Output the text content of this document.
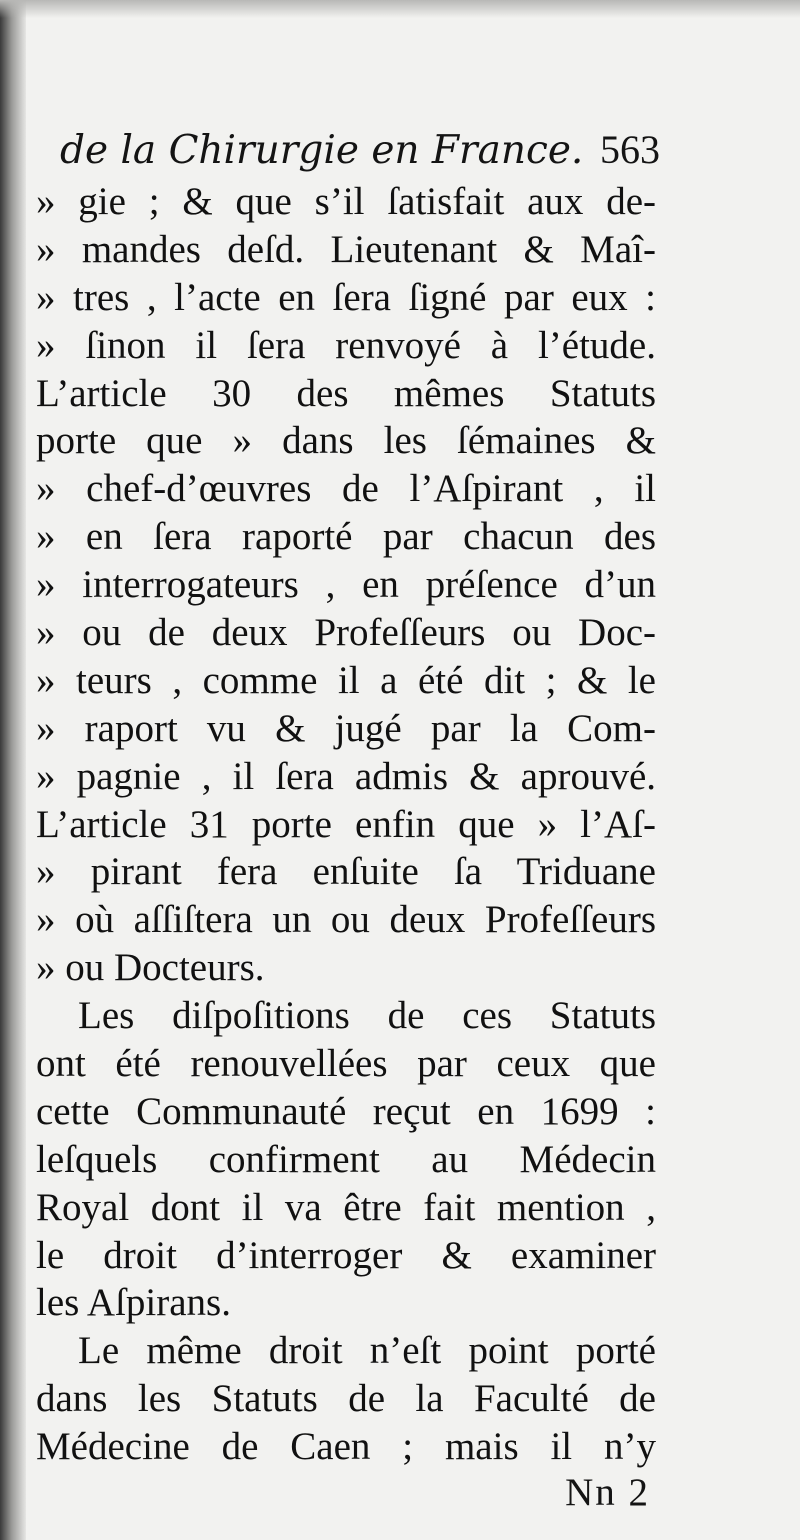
de la Chirurgie en France. 563
» gie ; & que s’il ſatisfait aux de-
» mandes deſd. Lieutenant & Maî-
» tres , l’acte en ſera ſigné par eux :
» ſinon il ſera renvoyé à l’étude.
L’article 30 des mêmes Statuts
porte que » dans les ſémaines &
» chef-d’œuvres de l’Aſpirant , il
» en ſera raporté par chacun des
» interrogateurs , en préſence d’un
» ou de deux Profeſſeurs ou Doc-
» teurs , comme il a été dit ; & le
» raport vu & jugé par la Com-
» pagnie , il ſera admis & aprouvé.
L’article 31 porte enfin que » l’Aſ-
» pirant fera enſuite ſa Triduane
» où aſſiſtera un ou deux Profeſſeurs
» ou Docteurs.
Les diſpoſitions de ces Statuts
ont été renouvellées par ceux que
cette Communauté reçut en 1699 :
leſquels confirment au Médecin
Royal dont il va être fait mention ,
le droit d’interroger & examiner
les Aſpirans.
Le même droit n’eſt point porté
dans les Statuts de la Faculté de
Médecine de Caen ; mais il n’y
Nn 2
